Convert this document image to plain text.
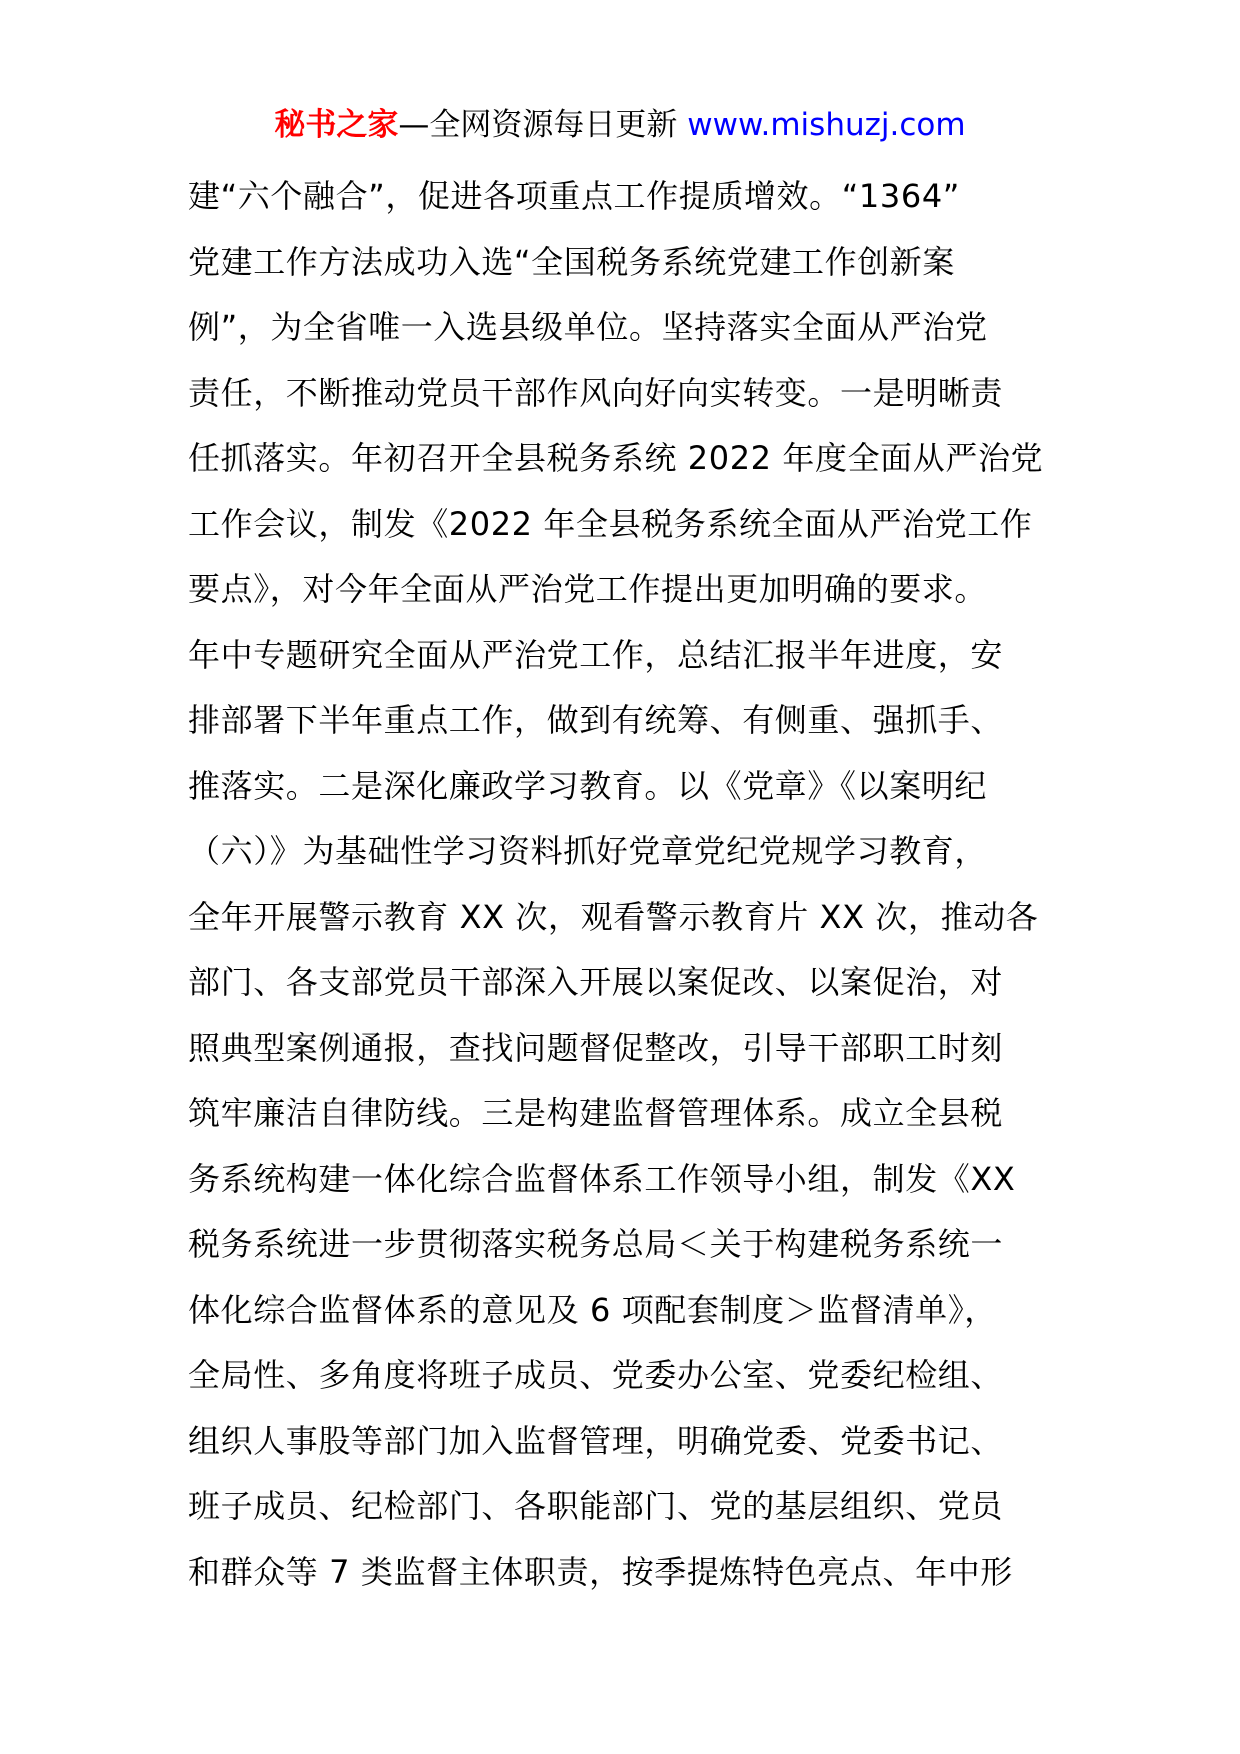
秘书之家—全网资源每日更新 www.mishuzj.com
建“六个融合”，促进各项重点工作提质增效。“1364”
党建工作方法成功入选“全国税务系统党建工作创新案
例”，为全省唯一入选县级单位。坚持落实全面从严治党
责任，不断推动党员干部作风向好向实转变。一是明晰责
任抓落实。年初召开全县税务系统 2022 年度全面从严治党
工作会议，制发《2022 年全县税务系统全面从严治党工作
要点》，对今年全面从严治党工作提出更加明确的要求。
年中专题研究全面从严治党工作，总结汇报半年进度，安
排部署下半年重点工作，做到有统筹、有侧重、强抓手、
推落实。二是深化廉政学习教育。以《党章》《以案明纪
（六）》为基础性学习资料抓好党章党纪党规学习教育，
全年开展警示教育 XX 次，观看警示教育片 XX 次，推动各
部门、各支部党员干部深入开展以案促改、以案促治，对
照典型案例通报，查找问题督促整改，引导干部职工时刻
筑牢廉洁自律防线。三是构建监督管理体系。成立全县税
务系统构建一体化综合监督体系工作领导小组，制发《XX
税务系统进一步贯彻落实税务总局＜关于构建税务系统一
体化综合监督体系的意见及 6 项配套制度＞监督清单》，
全局性、多角度将班子成员、党委办公室、党委纪检组、
组织人事股等部门加入监督管理，明确党委、党委书记、
班子成员、纪检部门、各职能部门、党的基层组织、党员
和群众等 7 类监督主体职责，按季提炼特色亮点、年中形
